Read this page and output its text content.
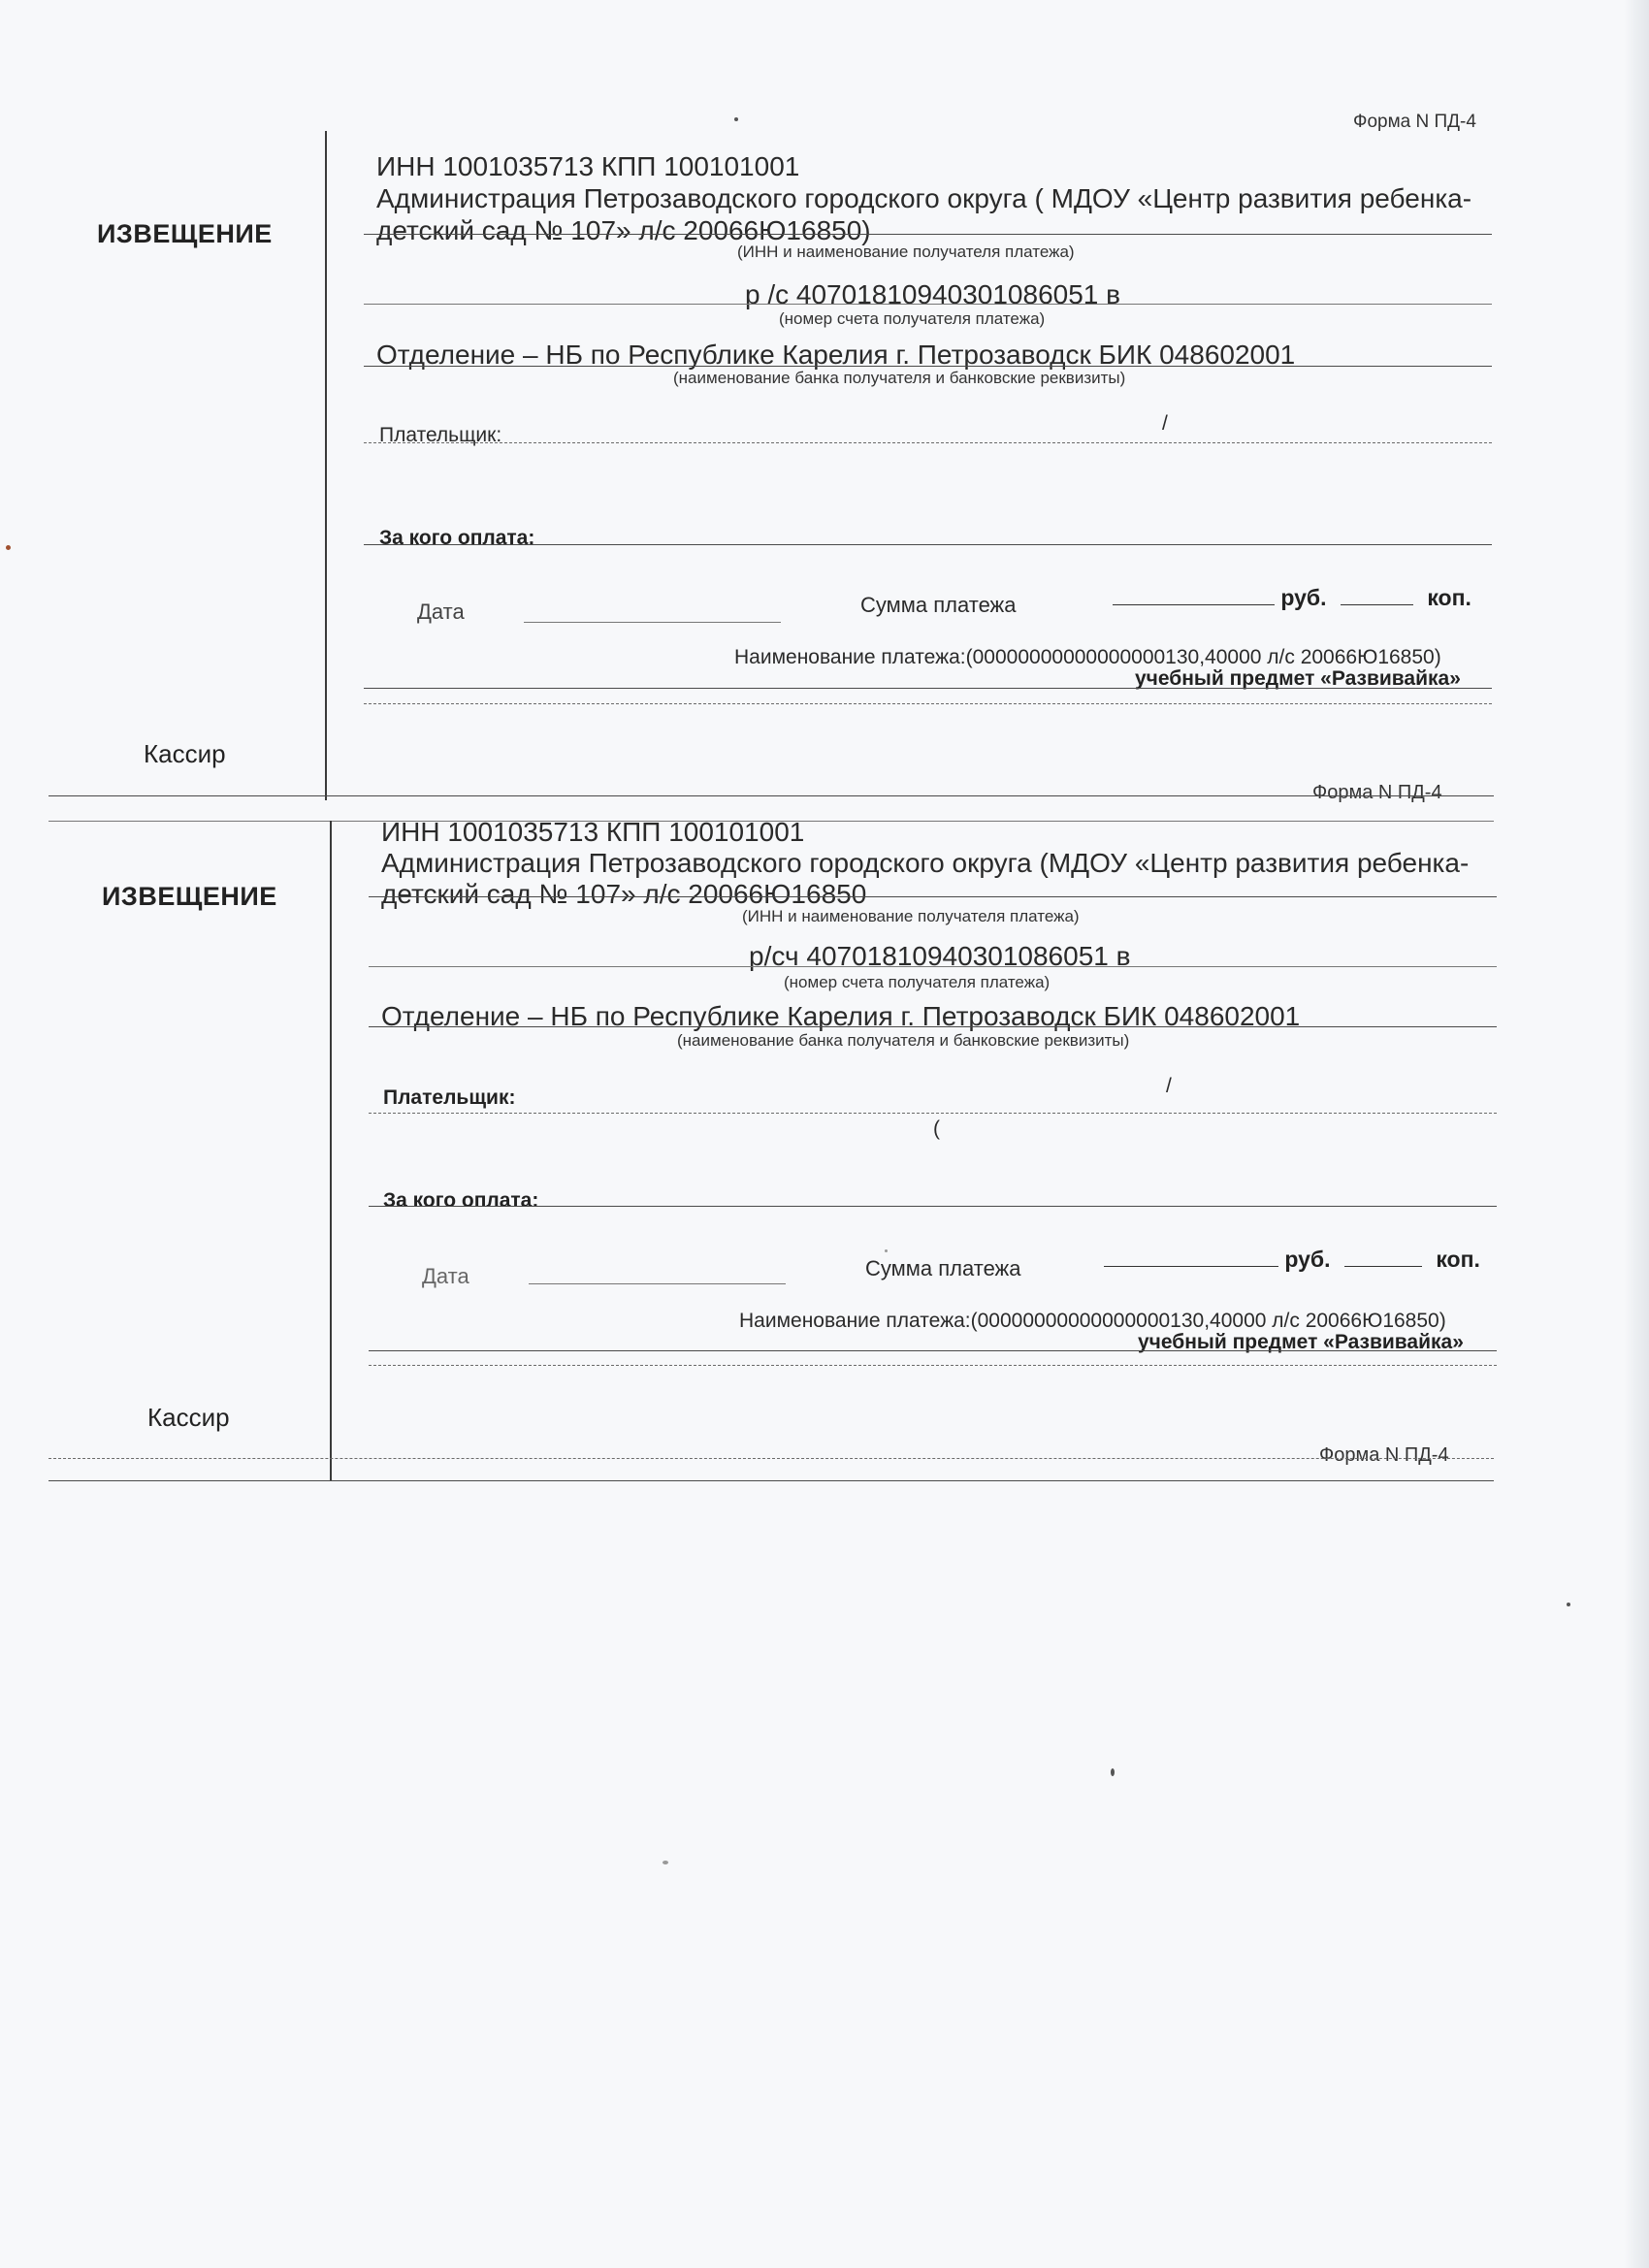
Форма N ПД-4
ИЗВЕЩЕНИЕ
ИНН 1001035713 КПП 100101001
Администрация Петрозаводского городского округа ( МДОУ «Центр развития ребенка-
детский сад № 107» л/с 20066Ю16850)
(ИНН и наименование получателя платежа)
р /с 40701810940301086051 в
(номер счета получателя платежа)
Отделение – НБ по Республике Карелия г. Петрозаводск БИК 048602001
(наименование банка получателя и банковские реквизиты)
Плательщик:
/
За кого оплата:
Дата	Сумма платежа	руб.	коп.
Наименование платежа:(00000000000000000130,40000 л/с 20066Ю16850)
учебный предмет «Развивайка»
Кассир
Форма N ПД-4
ИЗВЕЩЕНИЕ
ИНН 1001035713 КПП 100101001
Администрация Петрозаводского городского округа (МДОУ «Центр развития ребенка-
детский сад № 107» л/с 20066Ю16850
(ИНН и наименование получателя платежа)
р/сч 40701810940301086051 в
(номер счета получателя платежа)
Отделение – НБ по Республике Карелия г. Петрозаводск БИК 048602001
(наименование банка получателя и банковские реквизиты)
Плательщик:
/
(
За кого оплата:
Дата	Сумма платежа	руб.	коп.
Наименование платежа:(00000000000000000130,40000 л/с 20066Ю16850)
учебный предмет «Развивайка»
Кассир
Форма N ПД-4
